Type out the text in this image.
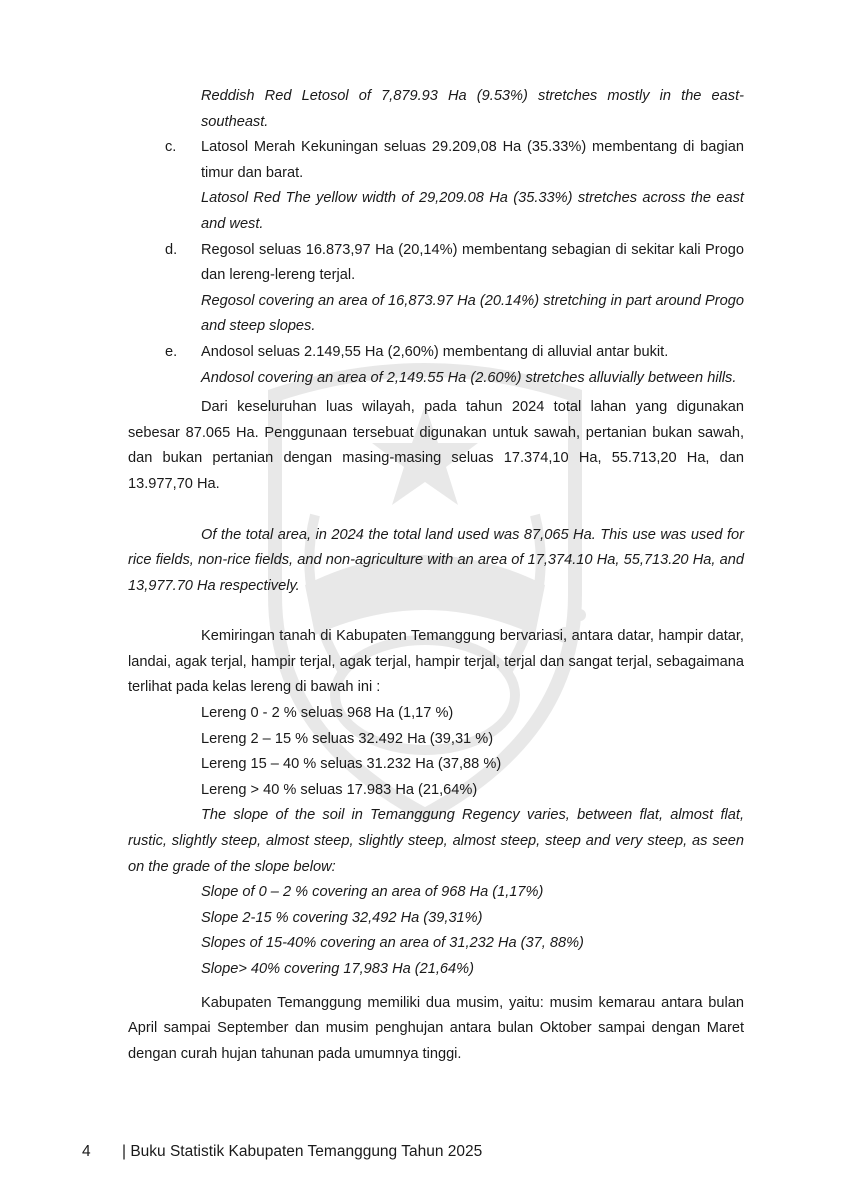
Reddish Red Letosol of 7,879.93 Ha (9.53%) stretches mostly in the east-southeast.

c.	Latosol Merah Kekuningan seluas 29.209,08 Ha (35.33%) membentang di bagian timur dan barat.

Latosol Red The yellow width of 29,209.08 Ha (35.33%) stretches across the east and west.

d.	Regosol seluas 16.873,97 Ha (20,14%) membentang sebagian di sekitar kali Progo dan lereng-lereng terjal.

Regosol covering an area of 16,873.97 Ha (20.14%) stretching in part around Progo and steep slopes.

e.	Andosol seluas 2.149,55 Ha (2,60%) membentang di alluvial antar bukit.

Andosol covering an area of 2,149.55 Ha (2.60%) stretches alluvially between hills.

Dari keseluruhan luas wilayah, pada tahun 2024 total lahan yang digunakan sebesar 87.065 Ha. Penggunaan tersebuat digunakan untuk sawah, pertanian bukan sawah, dan bukan pertanian dengan masing-masing seluas 17.374,10 Ha, 55.713,20 Ha, dan 13.977,70 Ha.

Of the total area, in 2024 the total land used was 87,065 Ha. This use was used for rice fields, non-rice fields, and non-agriculture with an area of 17,374.10 Ha, 55,713.20 Ha, and 13,977.70 Ha respectively.

Kemiringan tanah di Kabupaten Temanggung bervariasi, antara datar, hampir datar, landai, agak terjal, hampir terjal, agak terjal, hampir terjal, terjal dan sangat terjal, sebagaimana terlihat pada kelas lereng di bawah ini :

Lereng 0 - 2 % seluas 968 Ha (1,17 %)

Lereng 2 – 15 % seluas 32.492 Ha (39,31 %)

Lereng 15 – 40 % seluas 31.232 Ha (37,88 %)

Lereng > 40 % seluas 17.983 Ha (21,64%)

The slope of the soil in Temanggung Regency varies, between flat, almost flat, rustic, slightly steep, almost steep, slightly steep, almost steep, steep and very steep, as seen on the grade of the slope below:

Slope of 0 – 2 % covering an area of 968 Ha (1,17%)

Slope 2-15 % covering 32,492 Ha (39,31%)

Slopes of 15-40% covering an area of 31,232 Ha (37, 88%)

Slope> 40% covering 17,983 Ha (21,64%)

Kabupaten Temanggung memiliki dua musim, yaitu: musim kemarau antara bulan April sampai September dan musim penghujan antara bulan Oktober sampai dengan Maret dengan curah hujan tahunan pada umumnya tinggi.

4 | Buku Statistik Kabupaten Temanggung Tahun 2025
